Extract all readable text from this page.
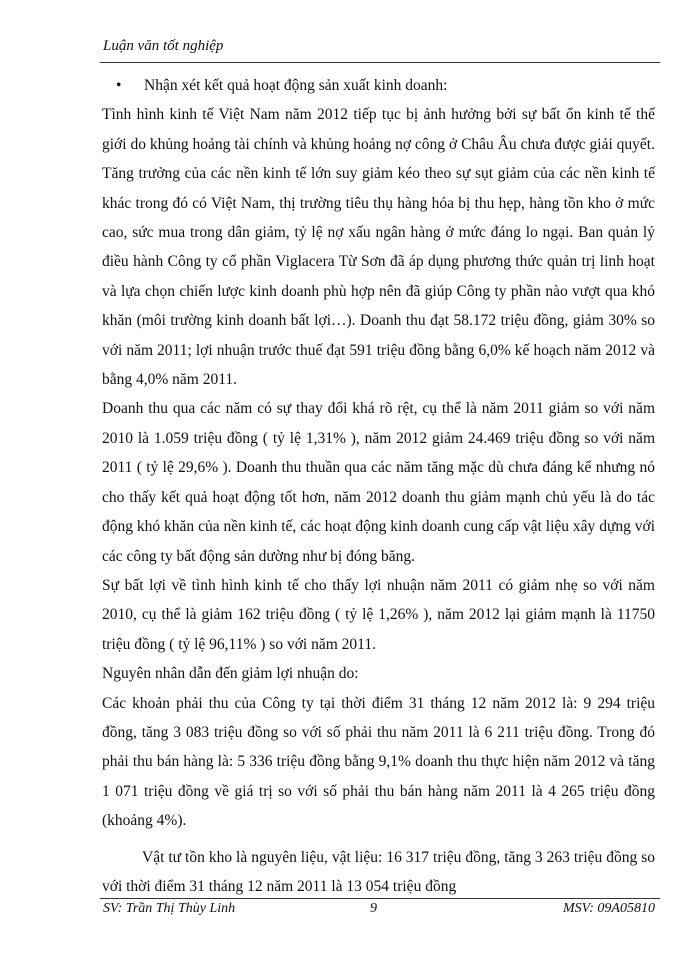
Luận văn tốt nghiệp
• Nhận xét kết quả hoạt động sản xuất kinh doanh:

Tình hình kinh tế Việt Nam năm 2012 tiếp tục bị ảnh hưởng bởi sự bất ổn kinh tế thế giới do khủng hoảng tài chính và khủng hoảng nợ công ở Châu Âu chưa được giải quyết. Tăng trưởng của các nền kinh tế lớn suy giảm kéo theo sự sụt giảm của các nền kinh tế khác trong đó có Việt Nam, thị trường tiêu thụ hàng hóa bị thu hẹp, hàng tồn kho ở mức cao, sức mua trong dân giảm, tỷ lệ nợ xấu ngân hàng ở mức đáng lo ngại. Ban quản lý điều hành Công ty cổ phần Viglacera Từ Sơn đã áp dụng phương thức quản trị linh hoạt và lựa chọn chiến lược kinh doanh phù hợp nên đã giúp Công ty phần nào vượt qua khó khăn (môi trường kinh doanh bất lợi…). Doanh thu đạt 58.172 triệu đồng, giảm 30% so với năm 2011; lợi nhuận trước thuế đạt 591 triệu đồng bằng 6,0% kế hoạch năm 2012 và bằng 4,0% năm 2011.

Doanh thu qua các năm có sự thay đổi khá rõ rệt, cụ thể là năm 2011 giảm so với năm 2010 là 1.059 triệu đồng ( tỷ lệ 1,31% ), năm 2012 giảm 24.469 triệu đồng so với năm 2011 ( tỷ lệ 29,6% ). Doanh thu thuần qua các năm tăng mặc dù chưa đáng kể nhưng nó cho thấy kết quả hoạt động tốt hơn, năm 2012 doanh thu giảm mạnh chủ yếu là do tác động khó khăn của nền kinh tế, các hoạt động kinh doanh cung cấp vật liệu xây dựng với các công ty bất động sản dường như bị đóng băng.

Sự bất lợi về tình hình kinh tế cho thấy lợi nhuận năm 2011 có giảm nhẹ so với năm 2010, cụ thể là giảm 162 triệu đồng ( tỷ lệ 1,26% ), năm 2012 lại giảm mạnh là 11750 triệu đồng ( tỷ lệ 96,11% ) so với năm 2011.

Nguyên nhân dẫn đến giảm lợi nhuận do:

Các khoản phải thu của Công ty tại thời điểm 31 tháng 12 năm 2012 là: 9 294 triệu đồng, tăng 3 083 triệu đồng so với số phải thu năm 2011 là 6 211 triệu đồng. Trong đó phải thu bán hàng là: 5 336 triệu đồng bằng 9,1% doanh thu thực hiện năm 2012 và tăng 1 071 triệu đồng về giá trị so với số phải thu bán hàng năm 2011 là 4 265 triệu đồng (khoảng 4%).

Vật tư tồn kho là nguyên liệu, vật liệu: 16 317 triệu đồng, tăng 3 263 triệu đồng so với thời điểm 31 tháng 12 năm 2011 là 13 054 triệu đồng

SV: Trần Thị Thùy Linh	9	MSV: 09A05810
